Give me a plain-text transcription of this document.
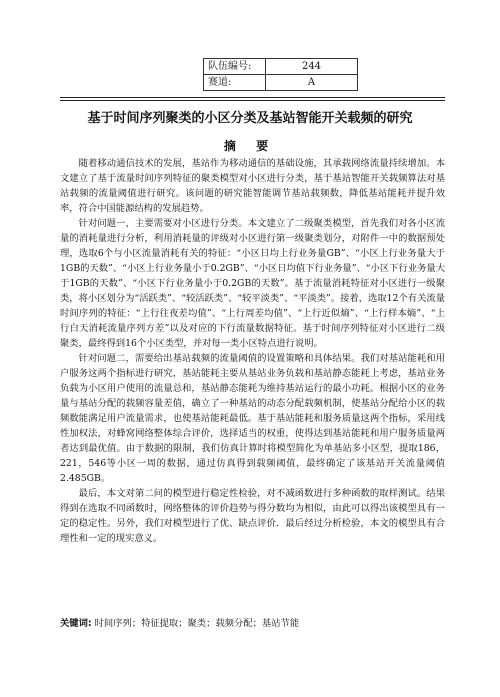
队伍编号:	244
赛道:	A
基于时间序列聚类的小区分类及基站智能开关载频的研究
摘 要

随着移动通信技术的发展，基站作为移动通信的基础设施，其承载网络流量持续增加。本文建立了基于流量时间序列特征的聚类模型对小区进行分类，基于基站智能开关载频算法对基站载频的流量阈值进行研究。该问题的研究能智能调节基站载频数，降低基站能耗并提升效率，符合中国能源结构的发展趋势。

针对问题一，主要需要对小区进行分类。本文建立了二级聚类模型，首先我们对各小区流量的消耗量进行分析，利用消耗量的评级对小区进行第一级聚类划分，对附件一中的数据预处理，选取6个与小区流量消耗有关的特征：“小区日均上行业务量GB”、“小区上行业务量大于1GB的天数”、“小区上行业务量小于0.2GB”、“小区日均值下行业务量”、“小区下行业务量大于1GB的天数”、“小区下行业务量小于0.2GB的天数”。基于流量消耗特征对小区进行一级聚类，将小区划分为“活跃类”、“较活跃类”、“较平淡类”、“平淡类”。接着，选取12个有关流量时间序列的特征：“上行往夜差均值”、“上行周差均值”、“上行近似熵”、“上行样本熵”、“上行白天消耗流量序列方差”以及对应的下行流量数据特征。基于时间序列特征对小区进行二级聚类，最终得到16个小区类型，并对每一类小区特点进行说明。

针对问题二，需要给出基站载频的流量阈值的设置策略和具体结果。我们对基站能耗和用户服务这两个指标进行研究，基站能耗主要从基站业务负载和基站静态能耗上考虑，基站业务负载为小区用户使用的流量总和，基站静态能耗为维持基站运行的最小功耗。根据小区的业务量与基站分配的载频容量差值，确立了一种基站的动态分配载频机制，使基站分配给小区的载频数能满足用户流量需求，也使基站能耗最低。基于基站能耗和服务质量这两个指标，采用线性加权法，对蜂窝网络整体综合评价，选择适当的权重，使得达到基站能耗和用户服务质量两者达到最优值。由于数据的限制，我们仿真计算时将模型简化为单基站多小区型，提取186，221，546等小区一周的数据，通过仿真得到载频阈值，最终确定了该基站开关流量阈值2.485GB。

最后，本文对第二问的模型进行稳定性检验，对不减函数进行多种函数的取样测试。结果得到在选取不同函数时，网络整体的评价趋势与得分数均为相似，由此可以得出该模型具有一定的稳定性。另外，我们对模型进行了优、缺点评价．最后经过分析检验，本文的模型具有合理性和一定的现实意义。

关键词: 时间序列；特征提取；聚类；载频分配；基站节能
